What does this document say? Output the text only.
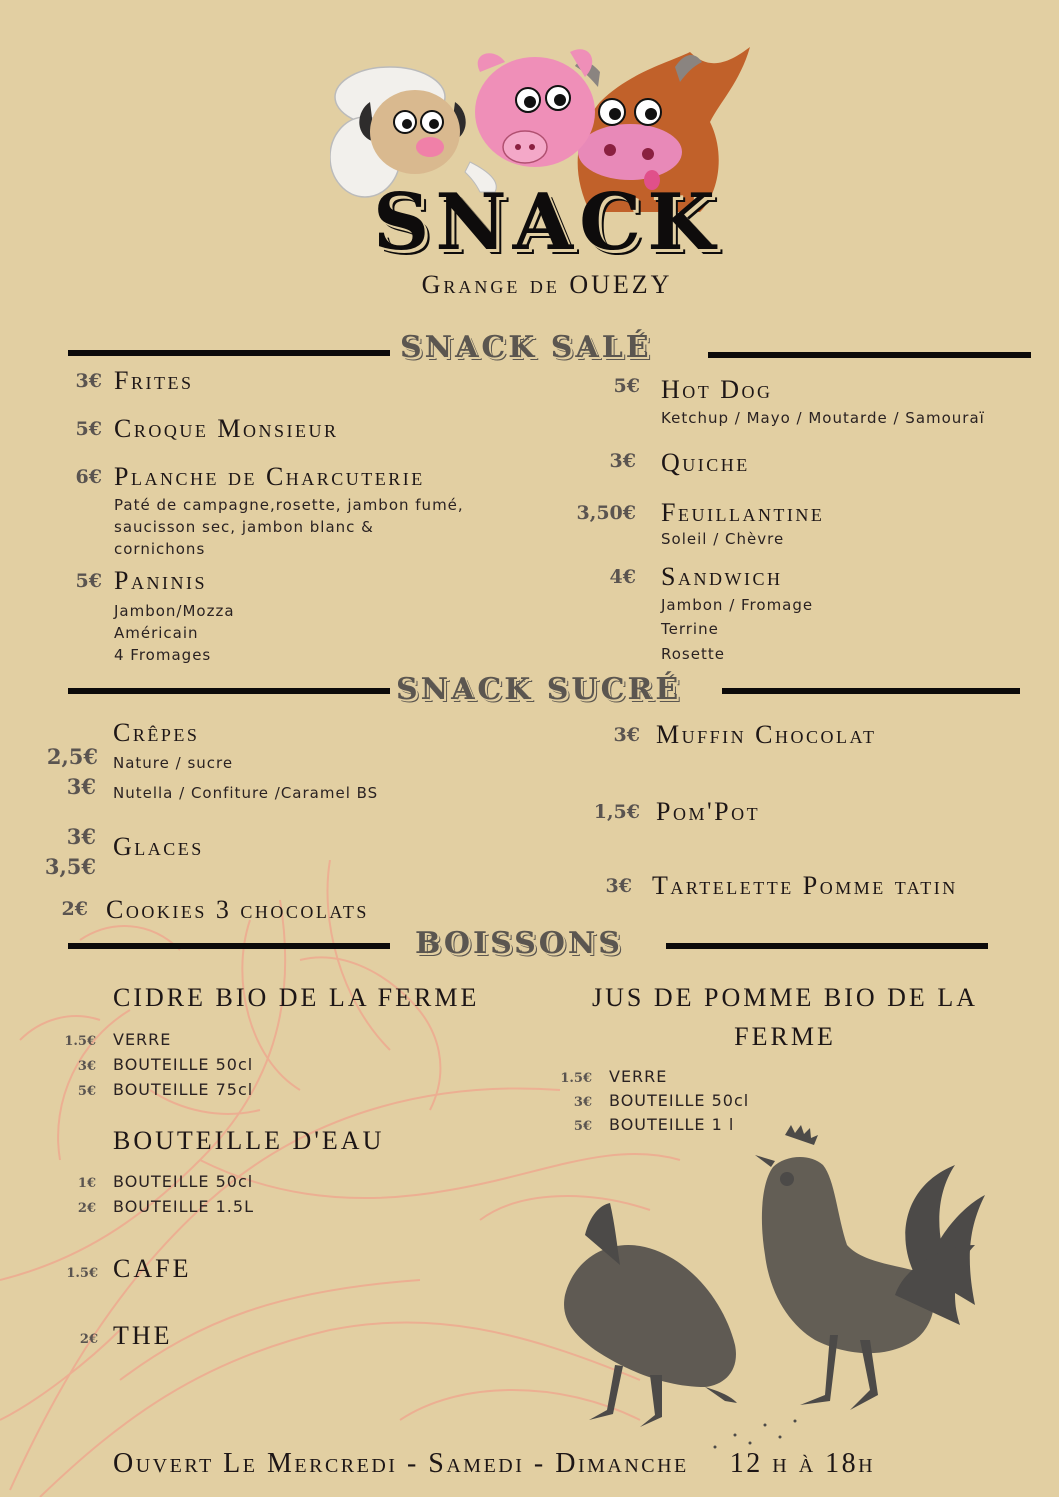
SNACK
Grange de OUEZY
SNACK SALÉ
3€ Frites
5€ Croque Monsieur
6€ Planche de Charcuterie
Paté de campagne,rosette, jambon fumé,
saucisson sec, jambon blanc &
cornichons
5€ Paninis
Jambon/Mozza
Américain
4 Fromages
5€ Hot Dog
Ketchup / Mayo / Moutarde / Samouraï
3€ Quiche
3,50€ Feuillantine
Soleil / Chèvre
4€ Sandwich
Jambon / Fromage
Terrine
Rosette
SNACK SUCRÉ
Crêpes
2,5€ Nature / sucre
3€ Nutella / Confiture /Caramel BS
3€
3,5€
Glaces
2€ Cookies 3 chocolats
3€ Muffin Chocolat
1,5€ Pom'Pot
3€ Tartelette Pomme tatin
BOISSONS
CIDRE BIO DE LA FERME
1.5€ VERRE
3€ BOUTEILLE 50cl
5€ BOUTEILLE 75cl
BOUTEILLE D'EAU
1€ BOUTEILLE 50cl
2€ BOUTEILLE 1.5L
1.5€ CAFE
2€ THE
JUS DE POMME BIO DE LA
FERME
1.5€ VERRE
3€ BOUTEILLE 50cl
5€ BOUTEILLE 1 l
Ouvert Le Mercredi - Samedi - Dimanche 12 h à 18h
